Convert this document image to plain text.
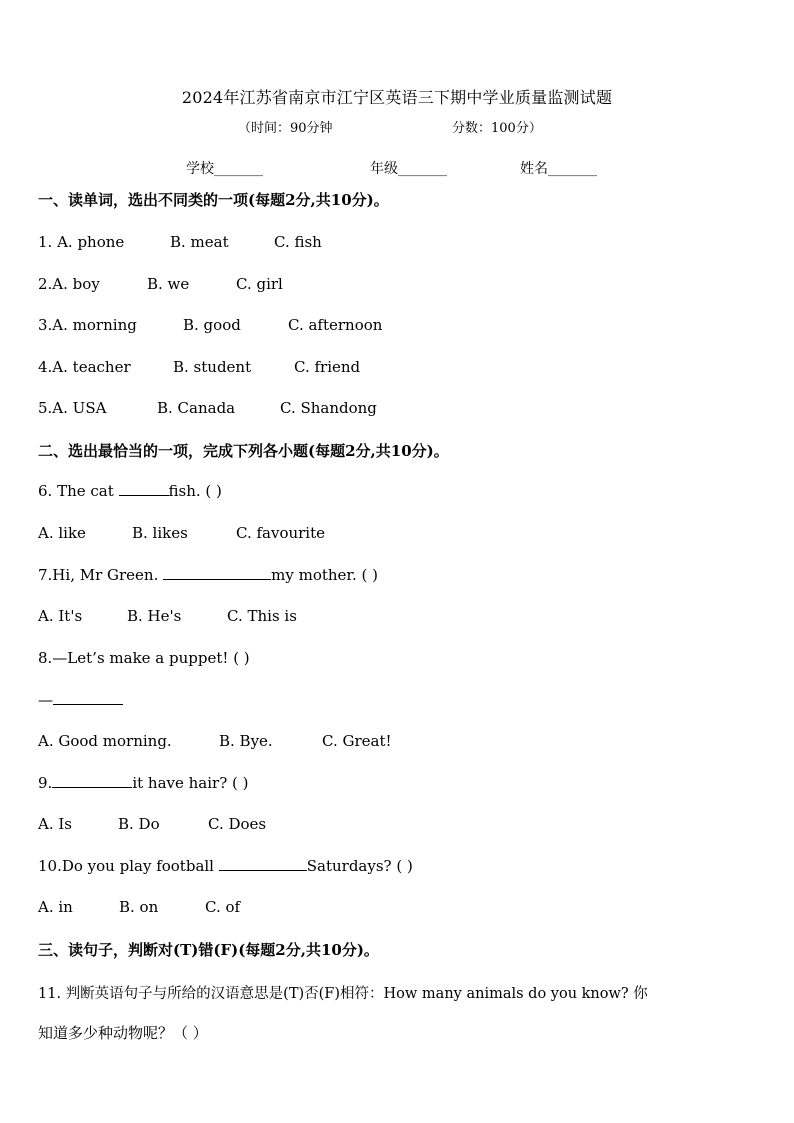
2024年江苏省南京市江宁区英语三下期中学业质量监测试题
（时间：90分钟	分数：100分）
学校_______	年级_______	姓名_______
一、读单词，选出不同类的一项(每题2分,共10分)。
1. A. phone	B. meat	C. fish
2.A. boy	B. we	C. girl
3.A. morning	B. good	C. afternoon
4.A. teacher	B. student	C. friend
5.A. USA	B. Canada	C. Shandong
二、选出最恰当的一项，完成下列各小题(每题2分,共10分)。
6. The cat	fish. ( )
A. like	B. likes	C. favourite
7.Hi, Mr Green.	my mother. ( )
A. It's	B. He's	C. This is
8.—Let’s make a puppet! ( )
—
A. Good morning.	B. Bye.	C. Great!
9.	it have hair? ( )
A. Is	B. Do	C. Does
10.Do you play football	Saturdays? ( )
A. in	B. on	C. of
三、读句子，判断对(T)错(F)(每题2分,共10分)。
11. 判断英语句子与所给的汉语意思是(T)否(F)相符：How many animals do you know? 你
知道多少种动物呢？（ ）
